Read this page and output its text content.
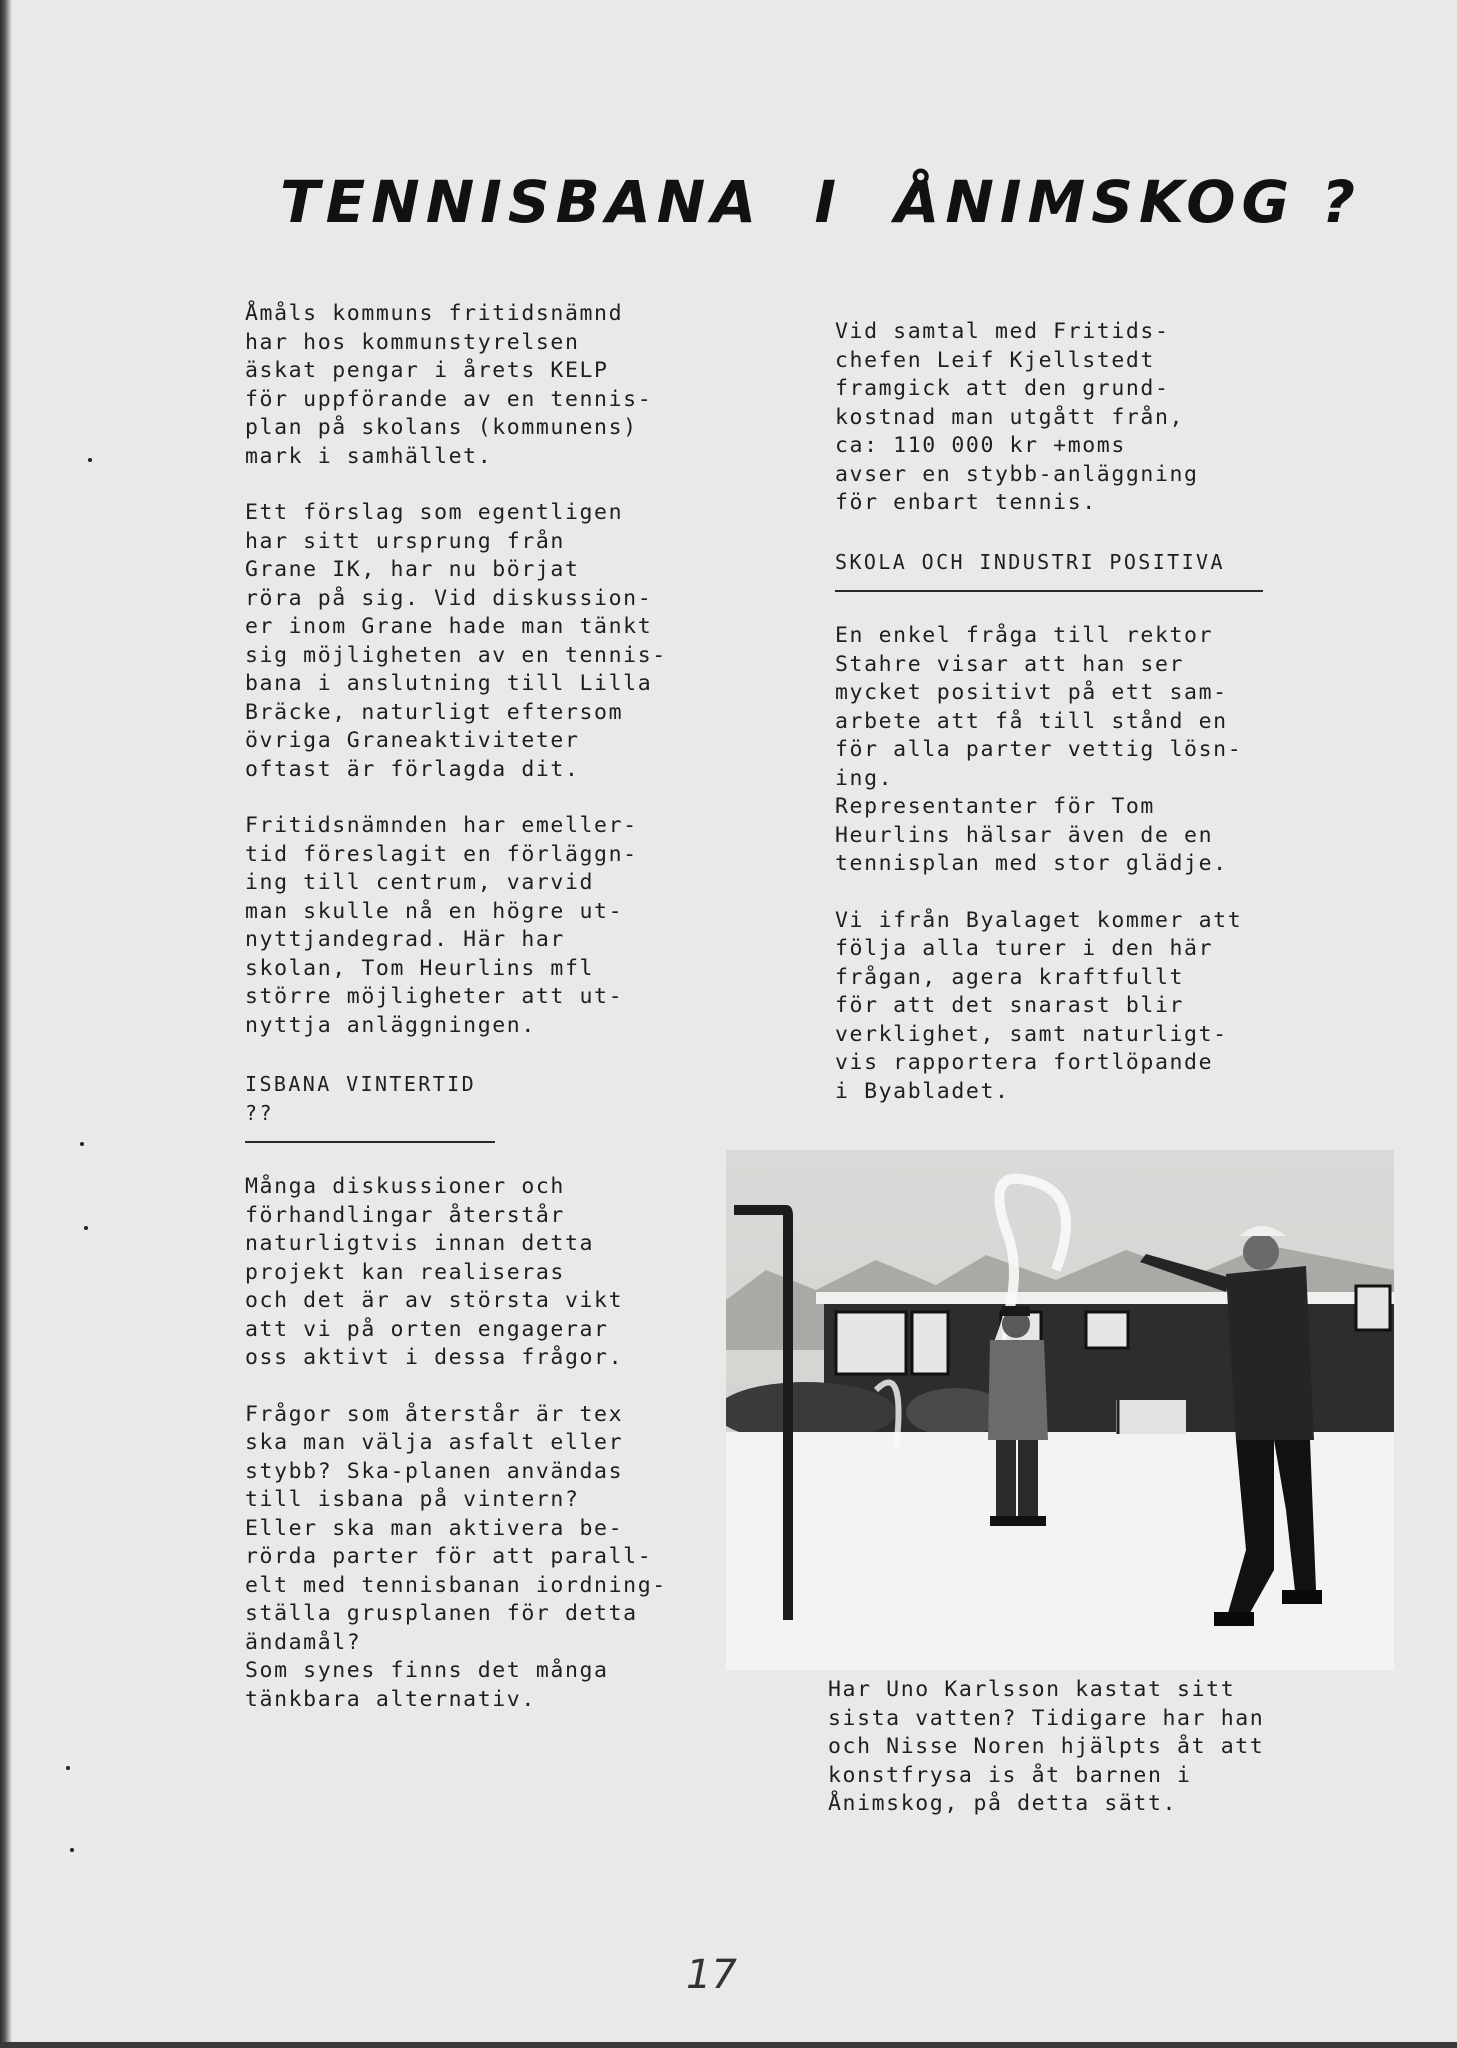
TENNISBANA  I  ÅNIMSKOG ?

Åmåls kommuns fritidsnämnd
har hos kommunstyrelsen
äskat pengar i årets KELP
för uppförande av en tennis-
plan på skolans (kommunens)
mark i samhället.

Ett förslag som egentligen
har sitt ursprung från
Grane IK, har nu börjat
röra på sig. Vid diskussion-
er inom Grane hade man tänkt
sig möjligheten av en tennis-
bana i anslutning till Lilla
Bräcke, naturligt eftersom
övriga Graneaktiviteter
oftast är förlagda dit.

Fritidsnämnden har emeller-
tid föreslagit en förläggn-
ing till centrum, varvid
man skulle nå en högre ut-
nyttjandegrad. Här har
skolan, Tom Heurlins mfl
större möjligheter att ut-
nyttja anläggningen.

ISBANA VINTERTID ??

Många diskussioner och
förhandlingar återstår
naturligtvis innan detta
projekt kan realiseras
och det är av största vikt
att vi på orten engagerar
oss aktivt i dessa frågor.

Frågor som återstår är tex
ska man välja asfalt eller
stybb? Ska-planen användas
till isbana på vintern?
Eller ska man aktivera be-
rörda parter för att parall-
elt med tennisbanan iordning-
ställa grusplanen för detta
ändamål?
Som synes finns det många
tänkbara alternativ.

Vid samtal med Fritids-
chefen Leif Kjellstedt
framgick att den grund-
kostnad man utgått från,
ca: 110 000 kr +moms
avser en stybb-anläggning
för enbart tennis.

SKOLA OCH INDUSTRI POSITIVA

En enkel fråga till rektor
Stahre visar att han ser
mycket positivt på ett sam-
arbete att få till stånd en
för alla parter vettig lösn-
ing.
Representanter för Tom
Heurlins hälsar även de en
tennisplan med stor glädje.

Vi ifrån Byalaget kommer att
följa alla turer i den här
frågan, agera kraftfullt
för att det snarast blir
verklighet, samt naturligt-
vis rapportera fortlöpande
i Byabladet.

Har Uno Karlsson kastat sitt
sista vatten? Tidigare har han
och Nisse Noren hjälpts åt att
konstfrysa is åt barnen i
Ånimskog, på detta sätt.

17
